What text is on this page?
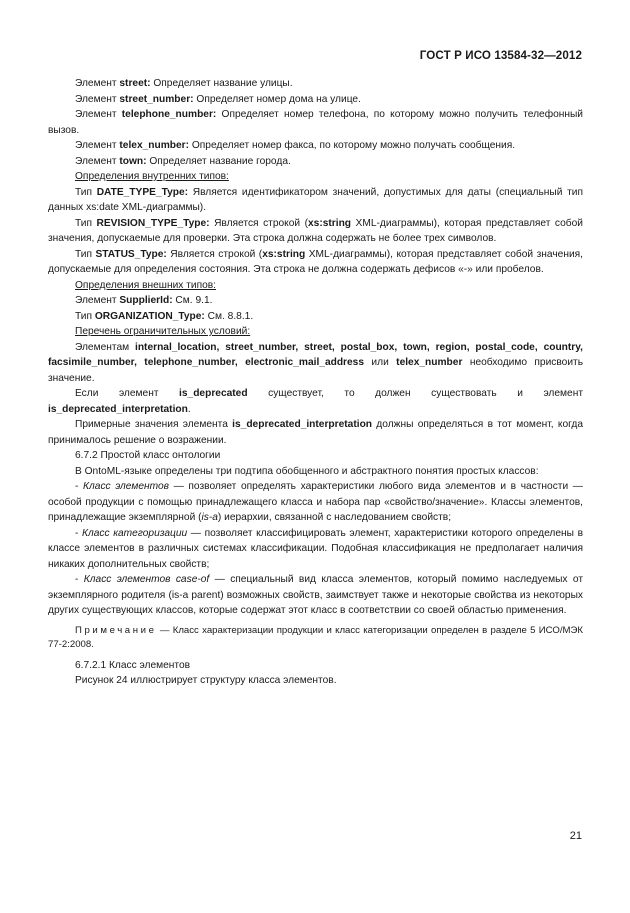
ГОСТ Р ИСО 13584-32—2012

Элемент street: Определяет название улицы.

Элемент street_number: Определяет номер дома на улице.

Элемент telephone_number: Определяет номер телефона, по которому можно получить телефонный вызов.

Элемент telex_number: Определяет номер факса, по которому можно получать сообщения.

Элемент town: Определяет название города.

Определения внутренних типов:

Тип DATE_TYPE_Type: Является идентификатором значений, допустимых для даты (специальный тип данных xs:date XML-диаграммы).

Тип REVISION_TYPE_Type: Является строкой (xs:string XML-диаграммы), которая представляет собой значения, допускаемые для проверки. Эта строка должна содержать не более трех символов.

Тип STATUS_Type: Является строкой (xs:string XML-диаграммы), которая представляет собой значения, допускаемые для определения состояния. Эта строка не должна содержать дефисов «-» или пробелов.

Определения внешних типов:

Элемент SupplierId: См. 9.1.

Тип ORGANIZATION_Type: См. 8.8.1.

Перечень ограничительных условий:

Элементам internal_location, street_number, street, postal_box, town, region, postal_code, country, facsimile_number, telephone_number, electronic_mail_address или telex_number необходимо присвоить значение.

Если элемент is_deprecated существует, то должен существовать и элемент is_deprecated_interpretation.

Примерные значения элемента is_deprecated_interpretation должны определяться в тот момент, когда принималось решение о возражении.

6.7.2 Простой класс онтологии

В OntoML-языке определены три подтипа обобщенного и абстрактного понятия простых классов:

- Класс элементов — позволяет определять характеристики любого вида элементов и в частности — особой продукции с помощью принадлежащего класса и набора пар «свойство/значение». Классы элементов, принадлежащие экземплярной (is-a) иерархии, связанной с наследованием свойств;

- Класс категоризации — позволяет классифицировать элемент, характеристики которого определены в классе элементов в различных системах классификации. Подобная классификация не предполагает наличия никаких дополнительных свойств;

- Класс элементов case-of — специальный вид класса элементов, который помимо наследуемых от экземплярного родителя (is-a parent) возможных свойств, заимствует также и некоторые свойства из некоторых других существующих классов, которые содержат этот класс в соответствии со своей областью применения.

Примечание — Класс характеризации продукции и класс категоризации определен в разделе 5 ИСО/МЭК 77-2:2008.

6.7.2.1 Класс элементов

Рисунок 24 иллюстрирует структуру класса элементов.

21
